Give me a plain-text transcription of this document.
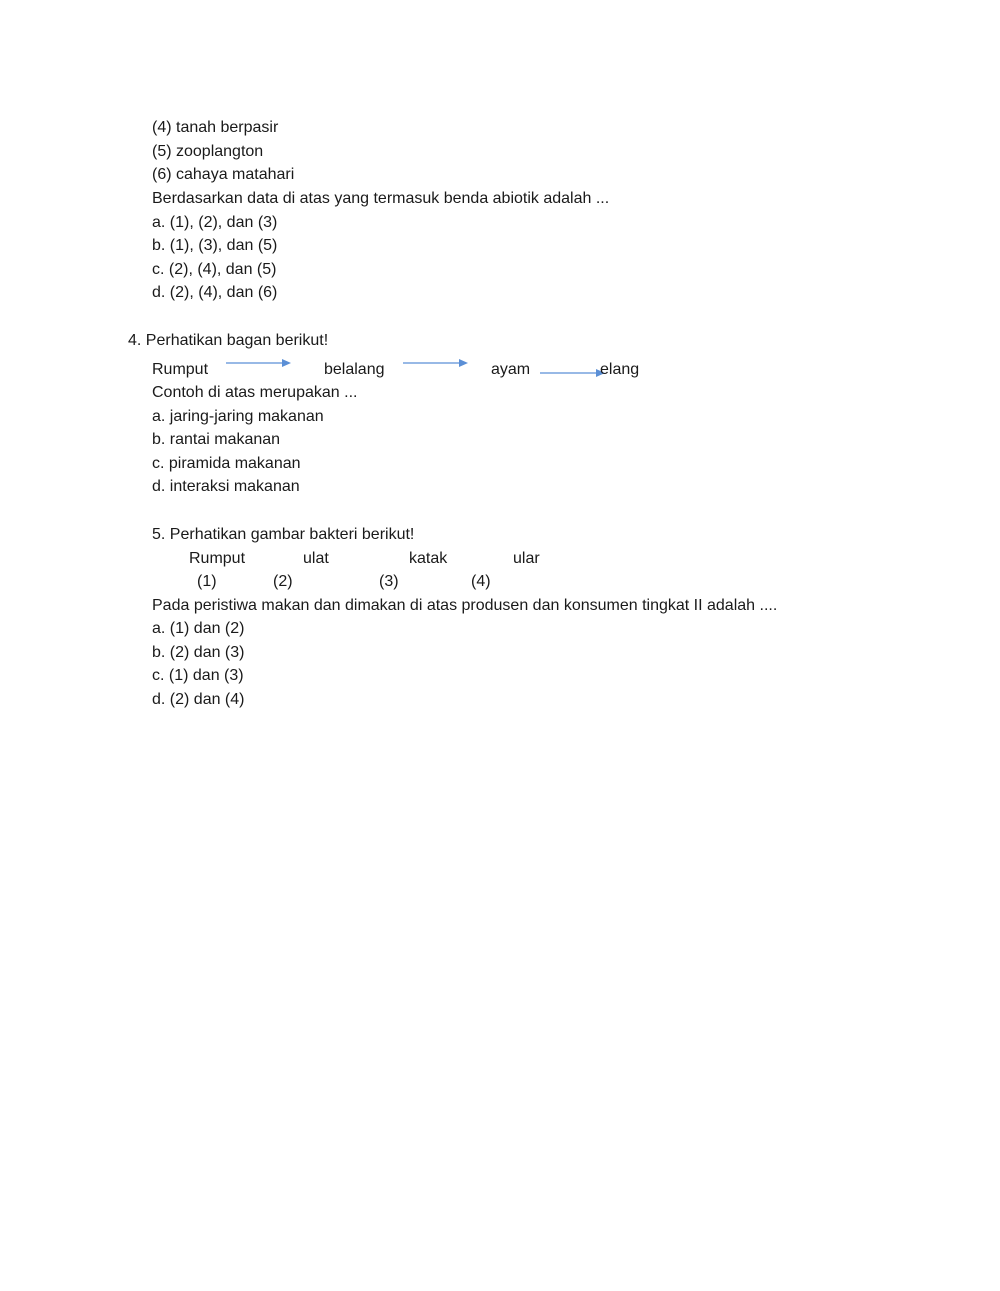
(4) tanah berpasir
(5) zooplangton
(6) cahaya matahari
Berdasarkan data di atas yang termasuk benda abiotik adalah ...
a. (1), (2), dan (3)
b. (1), (3), dan (5)
c. (2), (4), dan (5)
d. (2), (4), dan (6)
4. Perhatikan bagan berikut!
Rumput	belalang	ayam	elang
Contoh di atas merupakan ...
a. jaring-jaring makanan
b. rantai makanan
c. piramida makanan
d. interaksi makanan
5. Perhatikan gambar bakteri berikut!
Rumput	ulat	katak	ular
(1)	(2)	(3)	(4)
Pada peristiwa makan dan dimakan di atas produsen dan konsumen tingkat II adalah ....
a. (1) dan (2)
b. (2) dan (3)
c. (1) dan (3)
d. (2) dan (4)
